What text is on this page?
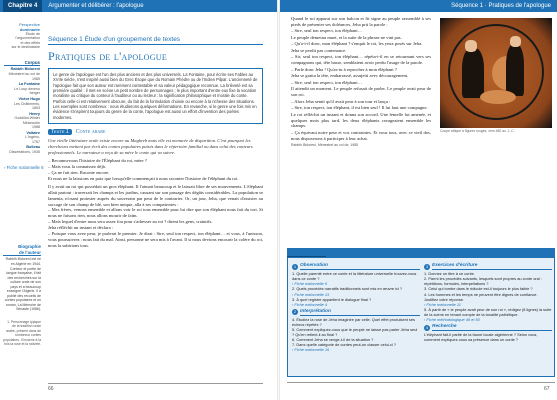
Chapitre 4	Argumenter et délibérer : l'apologue	Séquence 1 · Pratiques de l'apologue
Perspective
dominante
Étude de l'argumentation
et des effets
sur le destinataire
Corpus
Rabbih Bidoreni
Ménestrel au vol de
1985
La Fontaine
Le Loup devenu
berger
Victor Hugo
Les Châtiments,
1853
Henry
Goddillot-Wilder
Mélancolie
1988
Voltaire
L'Ingénu,
1767
Boileau
Dissertations, 1936
› Fiche notionnelle 6
Séquence 1 Étude d'un groupement de textes
Pratiques de l'apologue
Le genre de l'apologue est l'un des plus anciens et des plus universels. La Fontaine, pour écrire ses Fables au XVIIe siècle, s'est inspiré aussi bien du Grec Ésope que du Romain Phèdre ou de l'Indien Pilpaï. L'ancienneté de l'apologue fait que son auteur est rarement contestable et sa valeur pédagogique reconnue. La brièveté est sa première qualité : il met en scène un petit nombre de personnages ; le plus important d'entre eux fixe la vocation moraliste ou critique du conteur à l'auditeur ou au lecteur : la signification philosophique et morale du conte. Parfois celle-ci est relativement obscure, du fait de la formulation choisie ou encore à la richesse des situations. Les exemples sont nombreux : nous étudierons quelques déformations. En revanche, si le genre une fois mis en évidence s'inspirent toujours du genre de la conte, l'apologue est aussi un effort d'invention des poètes modernes.
Texte 1	Conte arabe
Une vieille littérature orale existe encore au Maghreb mais elle est menacée de disparition. C'est pourquoi les chercheurs mettent par écrit des contes populaires puisés dans le répertoire familial ou dans celui des conteurs professionnels. Le narrateur a reçu de sa mère le conte qui va suivre.

– Reconnu-nous l'histoire de l'Éléphant du roi, mère ?

– Mais vous la connaissez déjà.

– Ça ne fait rien. Raconte encore.

Et nous ne la laissions en paix que lorsqu'elle commençait à nous raconter l'histoire de l'éléphant du roi.

Il y avait un roi qui possédait un gros éléphant. Il l'aimait beaucoup et le laissait libre de ses mouvements. L'éléphant allait partout : traversait les champs et les jardins, causant sur son passage des dégâts considérables. La population se lamenta, n'osant protester auprès du souverain par peur de le contrarier. Or, un jour, Jeha, que venait d'assister au saccage de son champ de blé, son bien unique, alla à ses compatriotes :

– Mes frères, venons ensemble et allons voir le roi tous ensemble pour lui dire que son éléphant nous fait du tort. Si nous ne faisons rien, nous allons mourir de faim.

– Mais lequel d'entre nous sera assez fou pour s'adresser au roi ? dirent les gens, craintifs.

Jeha réfléchit un instant et déclara :

– Puisque vous avez peur, je parlerai le premier. Je dirai : Sire, seul ton respect, ton éléphant… et vous, à l'unisson, vous poursuivrez : nous fait du mal. Ainsi, personne ne sera mis à l'avant. Il si nous devions encourir la colère du roi, nous la subirions tous.

Biographie
de l'auteur
Rabbih Bidoreni est né en Algérie en 1944. Conteur et poète de langue française, il fait des recherches sur la culture orale de son pays et a beaucoup enseigné l'Algérie. Il a publié des recueils de contes populaires et un roman, La Mémoire de Sénaste (1986).
1. Personnage typique de la tradition orale arabe, présent dans de nombreux contes populaires. Il incarne à la fois la ruse et la naïveté.
66

Quand le roi apparut sur son balcon et fit signe au peuple rassemblé à ses pieds de présenter ses doléances, Jeha prit la parole :

– Sire, seul ton respect, ton éléphant…

Le peuple demeura muet, et la suite de la phrase ne vint pas.

– Qu'a-t-il donc, mon éléphant ? s'enquit le roi, les yeux posés sur Jeha.

Jeha se perdit pas contenance.

– Sir, seul ton respect, ton éléphant… répéta-t-il en se retournant vers ses compagnons qui, tête basse, semblaient avoir perdu l'usage de la parole.

– Parle donc Jeha ! Qu'as-tu à reprocher à mon éléphant ?

Jeha se gratta la tête, embarrassé, assujetti avec découragement.

– Sire, seul ton respect, ton éléphant…

Il attendit un moment. Le peuple refusait de parler. Le peuple avait peur de son roi.

– Alors Jeha sentit qu'il avait peur à son tour et lança :

– Sire, ton respect, ton éléphant, il est bien seul ! Il lui faut une compagne.

Le roi réfléchit un instant et donna son accord. Une femelle fut amenée, et quelques mois plus tard, les deux éléphants ravageaient ensemble les champs.

– Ça équivaut notre peur et vos contraintes. Et vous tous, avec ce vieil dos, nous disposerons à participer à leur achat.

Rabbih Bidoreni, Ménestrel au vol de, 1985
Coupe attique à figures rouges, vers 480 av. J.-C.
1 Observation
1. Quelle parenté entre ce conte et la littérature universelle trouvez-vous dans ce conte ?
› Fiche notionnelle 6
2. Quels procédés narratifs traditionnels sont mis en œuvre ici ?
› Fiche notionnelle 13
3. À quel registre appartient le dialogue final ?
› Fiche notionnelle 4
2 Interprétation
4. Étudiez la ruse de Jeha imaginée par celle. Quel effet produisent ses échecs répétés ?
5. Comment expliquez-vous que le peuple ne laisse pas parler Jeha seul ? Qu'en retient-il au final ?
6. Comment Jeha se venge-t-il de la situation ?
7. Dans quelle catégorie de contes peut-on classer celui-ci ?
› Fiche notionnelle 16
3 Exercices d'écriture
1. Donnez un titre à ce conte.
2. Parmi les procédés suivants, lesquels sont propres au conte oral : répétitions, formules, interpellations ?
3. Celui qui tombe dans le ridicule est-il toujours le plus faible ?
4. Les hommes et les temps ne peuvent être dignes de confiance. Justifiez votre réponse.
› Fiche notionnelle 11
5. À partir de « le peuple avait peur de son roi », rédigez (8 lignes) la suite de la scène en tenant compte de la tonalité pathétique.
› Fiche méthodologique 49 et 50
4 Recherche
L'éléphant fait-il partie de la faune locale algérienne ? Selon vous, comment expliquez-vous sa présence dans un conte ?
67
